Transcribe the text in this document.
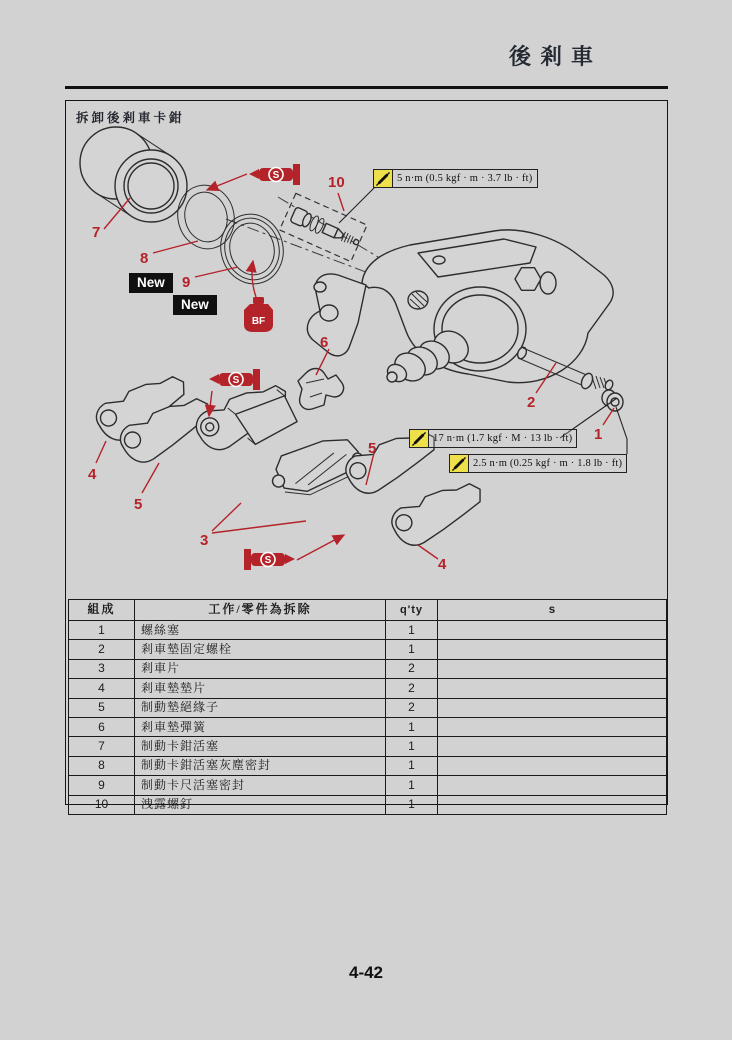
後剎車
拆卸後剎車卡鉗
S
S
S
BF
New
New
5 n·m (0.5 kgf · m · 3.7 lb · ft)
17 n·m (1.7 kgf · M · 13 lb · ft)
2.5 n·m (0.25 kgf · m · 1.8 lb · ft)
7
8
9
10
6
2
1
3
4
5
5
4
組成	工作/零件為拆除	q'ty	s
1	螺絲塞	1	
2	剎車墊固定螺栓	1	
3	剎車片	2	
4	剎車墊墊片	2	
5	制動墊絕緣子	2	
6	剎車墊彈簧	1	
7	制動卡鉗活塞	1	
8	制動卡鉗活塞灰塵密封	1	
9	制動卡尺活塞密封	1	
10	洩露螺釘	1	
4-42
